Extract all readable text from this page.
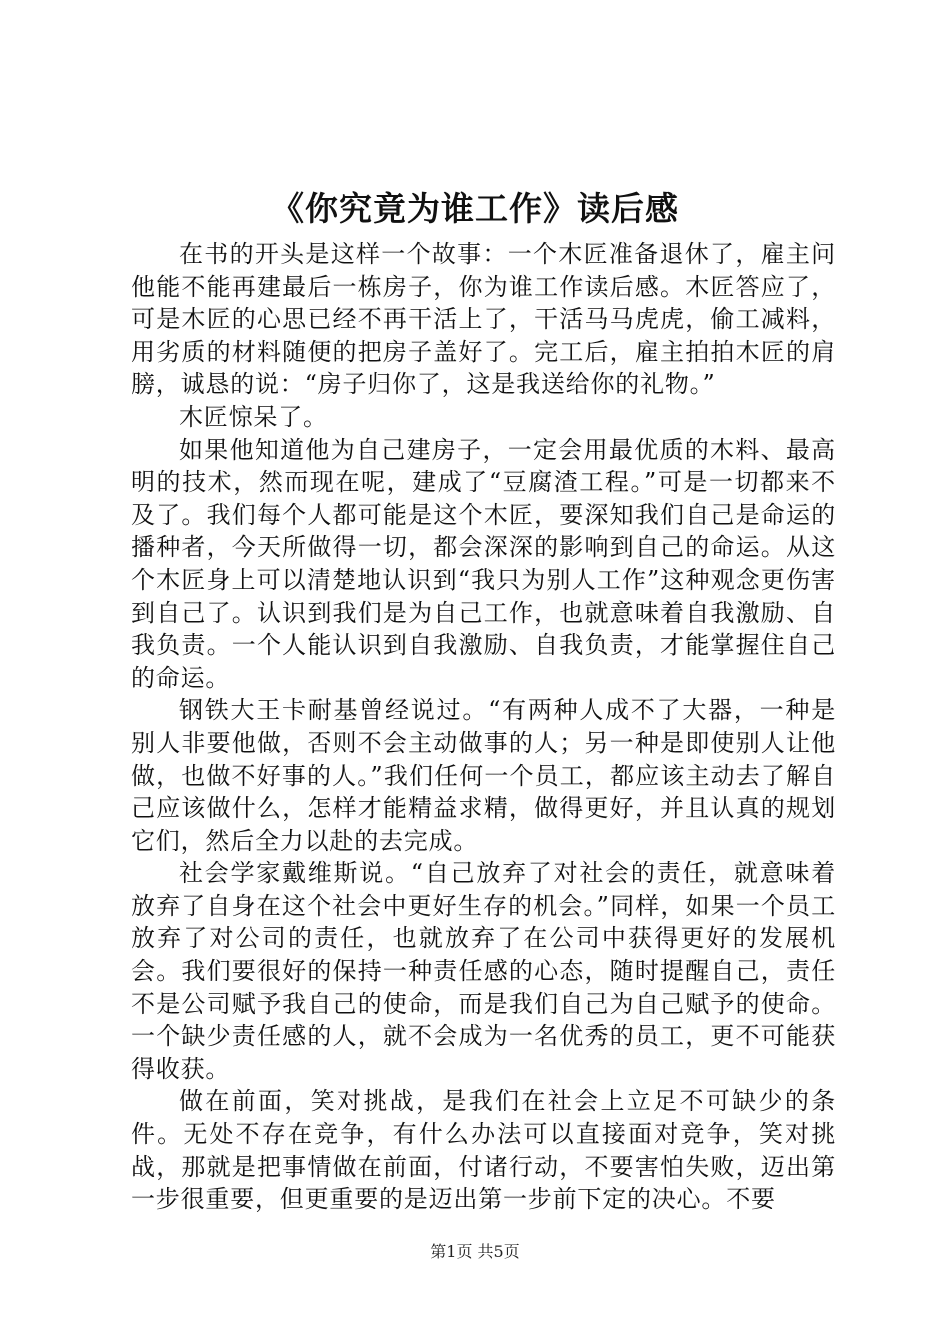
《你究竟为谁工作》读后感

在书的开头是这样一个故事：一个木匠准备退休了，雇主问他能不能再建最后一栋房子，你为谁工作读后感。木匠答应了，可是木匠的心思已经不再干活上了，干活马马虎虎，偷工减料，用劣质的材料随便的把房子盖好了。完工后，雇主拍拍木匠的肩膀，诚恳的说：“房子归你了，这是我送给你的礼物。”

木匠惊呆了。

如果他知道他为自己建房子，一定会用最优质的木料、最高明的技术，然而现在呢，建成了“豆腐渣工程。”可是一切都来不及了。我们每个人都可能是这个木匠，要深知我们自己是命运的播种者，今天所做得一切，都会深深的影响到自己的命运。从这个木匠身上可以清楚地认识到“我只为别人工作”这种观念更伤害到自己了。认识到我们是为自己工作，也就意味着自我激励、自我负责。一个人能认识到自我激励、自我负责，才能掌握住自己的命运。

钢铁大王卡耐基曾经说过。“有两种人成不了大器，一种是别人非要他做，否则不会主动做事的人；另一种是即使别人让他做，也做不好事的人。”我们任何一个员工，都应该主动去了解自己应该做什么，怎样才能精益求精，做得更好，并且认真的规划它们，然后全力以赴的去完成。

社会学家戴维斯说。“自己放弃了对社会的责任，就意味着放弃了自身在这个社会中更好生存的机会。”同样，如果一个员工放弃了对公司的责任，也就放弃了在公司中获得更好的发展机会。我们要很好的保持一种责任感的心态，随时提醒自己，责任不是公司赋予我自己的使命，而是我们自己为自己赋予的使命。一个缺少责任感的人，就不会成为一名优秀的员工，更不可能获得收获。

做在前面，笑对挑战，是我们在社会上立足不可缺少的条件。无处不存在竞争，有什么办法可以直接面对竞争，笑对挑战，那就是把事情做在前面，付诸行动，不要害怕失败，迈出第一步很重要，但更重要的是迈出第一步前下定的决心。不要

第1页 共5页
